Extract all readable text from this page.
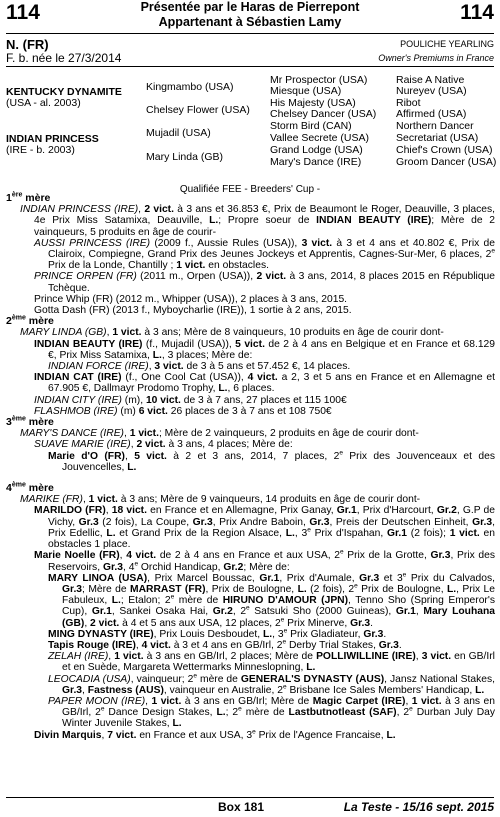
114	114
Présentée par le Haras de Pierrepont
Appartenant à Sébastien Lamy
N. (FR)
F. b. née le 27/3/2014
POULICHE YEARLING
Owner's Premiums in France
KENTUCKY DYNAMITE
(USA - al. 2003)
INDIAN PRINCESS
(IRE - b. 2003)
Kingmambo (USA)
Chelsey Flower (USA)
Mujadil (USA)
Mary Linda (GB)
Mr Prospector (USA)
Miesque (USA)
His Majesty (USA)
Chelsey Dancer (USA)
Storm Bird (CAN)
Vallee Secrete (USA)
Grand Lodge (USA)
Mary's Dance (IRE)
Raise A Native
Nureyev (USA)
Ribot
Affirmed (USA)
Northern Dancer
Secretariat (USA)
Chief's Crown (USA)
Groom Dancer (USA)
Qualifiée FEE - Breeders' Cup -
1ère mère

INDIAN PRINCESS (IRE), 2 vict. à 3 ans et 36.853 €, Prix de Beaumont le Roger, Deauville, 3 places, 4e Prix Miss Satamixa, Deauville, L.; Propre soeur de INDIAN BEAUTY (IRE); Mère de 2 vainqueurs, 5 produits en âge de courir-

AUSSI PRINCESS (IRE) (2009 f., Aussie Rules (USA)), 3 vict. à 3 et 4 ans et 40.802 €, Prix de Clairoix, Compiegne, Grand Prix des Jeunes Jockeys et Apprentis, Cagnes-Sur-Mer, 6 places, 2e Prix de la Londe, Chantilly ; 1 vict. en obstacles.

PRINCE ORPEN (FR) (2011 m., Orpen (USA)), 2 vict. à 3 ans, 2014, 8 places 2015 en République Tchèque.

Prince Whip (FR) (2012 m., Whipper (USA)), 2 places à 3 ans, 2015.

Gotta Dash (FR) (2013 f., Myboycharlie (IRE)), 1 sortie à 2 ans, 2015.

2ème mère

MARY LINDA (GB), 1 vict. à 3 ans; Mère de 8 vainqueurs, 10 produits en âge de courir dont-

INDIAN BEAUTY (IRE) (f., Mujadil (USA)), 5 vict. de 2 à 4 ans en Belgique et en France et 68.129 €, Prix Miss Satamixa, L., 3 places; Mère de:

INDIAN FORCE (IRE), 3 vict. de 3 à 5 ans et 57.452 €, 14 places.

INDIAN CAT (IRE) (f., One Cool Cat (USA)), 4 vict. a 2, 3 et 5 ans en France et en Allemagne et 67.905 €, Dallmayr Prodomo Trophy, L., 6 places.

INDIAN CITY (IRE) (m), 10 vict. de 3 à 7 ans, 27 places et 115 100€

FLASHMOB (IRE) (m) 6 vict. 26 places de 3 à 7 ans et 108 750€

3ème mère

MARY'S DANCE (IRE), 1 vict.; Mère de 2 vainqueurs, 2 produits en âge de courir dont-

SUAVE MARIE (IRE), 2 vict. à 3 ans, 4 places; Mère de:

Marie d'O (FR), 5 vict. à 2 et 3 ans, 2014, 7 places, 2e Prix des Jouvenceaux et des Jouvencelles, L.

4ème mère

MARIKE (FR), 1 vict. à 3 ans; Mère de 9 vainqueurs, 14 produits en âge de courir dont-

MARILDO (FR), 18 vict. en France et en Allemagne, Prix Ganay, Gr.1, Prix d'Harcourt, Gr.2, G.P de Vichy, Gr.3 (2 fois), La Coupe, Gr.3, Prix Andre Baboin, Gr.3, Preis der Deutschen Einheit, Gr.3, Prix Edellic, L. et Grand Prix de la Region Alsace, L., 3e Prix d'Ispahan, Gr.1 (2 fois); 1 vict. en obstacles 1 place.

Marie Noelle (FR), 4 vict. de 2 à 4 ans en France et aux USA, 2e Prix de la Grotte, Gr.3, Prix des Reservoirs, Gr.3, 4e Orchid Handicap, Gr.2; Mère de:

MARY LINOA (USA), Prix Marcel Boussac, Gr.1, Prix d'Aumale, Gr.3 et 3e Prix du Calvados, Gr.3; Mère de MARRAST (FR), Prix de Boulogne, L. (2 fois), 2e Prix de Boulogne, L., Prix Le Fabuleux, L.; Etalon; 2e mère de HIRUNO D'AMOUR (JPN), Tenno Sho (Spring Emperor's Cup), Gr.1, Sankei Osaka Hai, Gr.2, 2e Satsuki Sho (2000 Guineas), Gr.1, Mary Louhana (GB), 2 vict. à 4 et 5 ans aux USA, 12 places, 2e Prix Minerve, Gr.3.

MING DYNASTY (IRE), Prix Louis Desboudet, L., 3e Prix Gladiateur, Gr.3.

Tapis Rouge (IRE), 4 vict. à 3 et 4 ans en GB/Irl, 2e Derby Trial Stakes, Gr.3.

ZELAH (IRE), 1 vict. à 3 ans en GB/Irl, 2 places; Mère de POLLIWILLINE (IRE), 3 vict. en GB/Irl et en Suède, Margareta Wettermarks Minneslopning, L.

LEOCADIA (USA), vainqueur; 2e mère de GENERAL'S DYNASTY (AUS), Jansz National Stakes, Gr.3, Fastness (AUS), vainqueur en Australie, 2e Brisbane Ice Sales Members' Handicap, L.

PAPER MOON (IRE), 1 vict. à 3 ans en GB/Irl; Mère de Magic Carpet (IRE), 1 vict. à 3 ans en GB/Irl, 2e Dance Design Stakes, L.; 2e mère de Lastbutnotleast (SAF), 2e Durban July Day Winter Juvenile Stakes, L.

Divin Marquis, 7 vict. en France et aux USA, 3e Prix de l'Agence Francaise, L.

Box 181	La Teste - 15/16 sept. 2015
